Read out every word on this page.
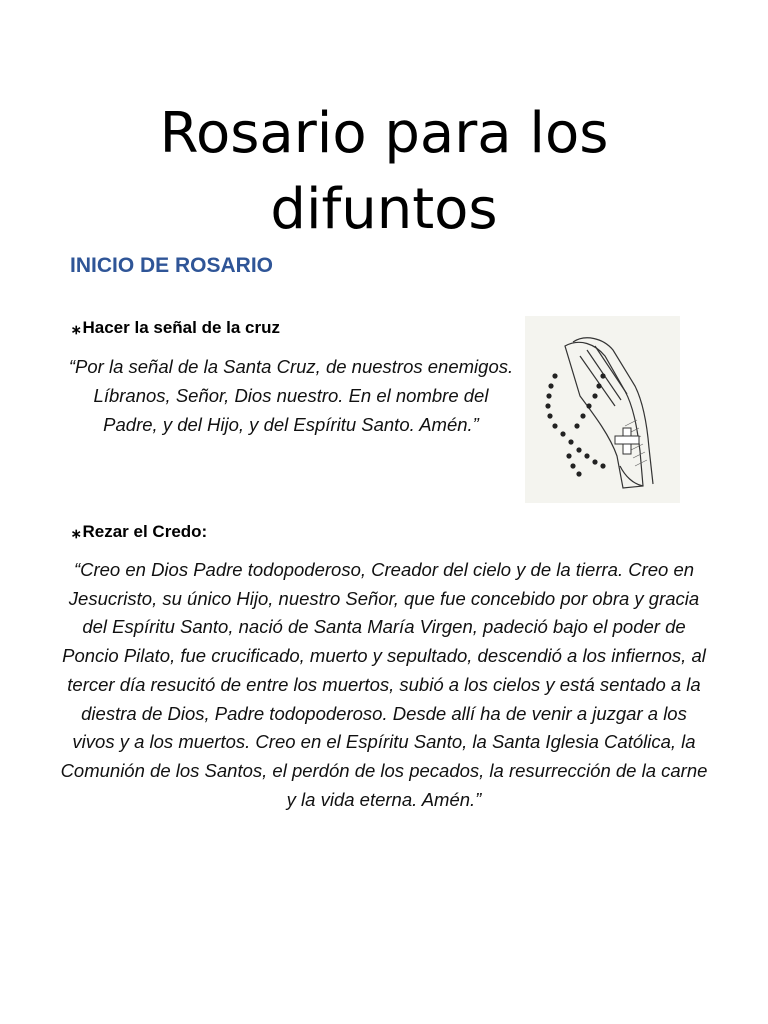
Rosario para los difuntos
INICIO DE ROSARIO
⁎ Hacer la señal de la cruz
“Por la señal de la Santa Cruz, de nuestros enemigos. Líbranos, Señor, Dios nuestro. En el nombre del Padre, y del Hijo, y del Espíritu Santo. Amén.”
⁎ Rezar el Credo:
“Creo en Dios Padre todopoderoso, Creador del cielo y de la tierra. Creo en Jesucristo, su único Hijo, nuestro Señor, que fue concebido por obra y gracia del Espíritu Santo, nació de Santa María Virgen, padeció bajo el poder de Poncio Pilato, fue crucificado, muerto y sepultado, descendió a los infiernos, al tercer día resucitó de entre los muertos, subió a los cielos y está sentado a la diestra de Dios, Padre todopoderoso. Desde allí ha de venir a juzgar a los vivos y a los muertos. Creo en el Espíritu Santo, la Santa Iglesia Católica, la Comunión de los Santos, el perdón de los pecados, la resurrección de la carne y la vida eterna. Amén.”
